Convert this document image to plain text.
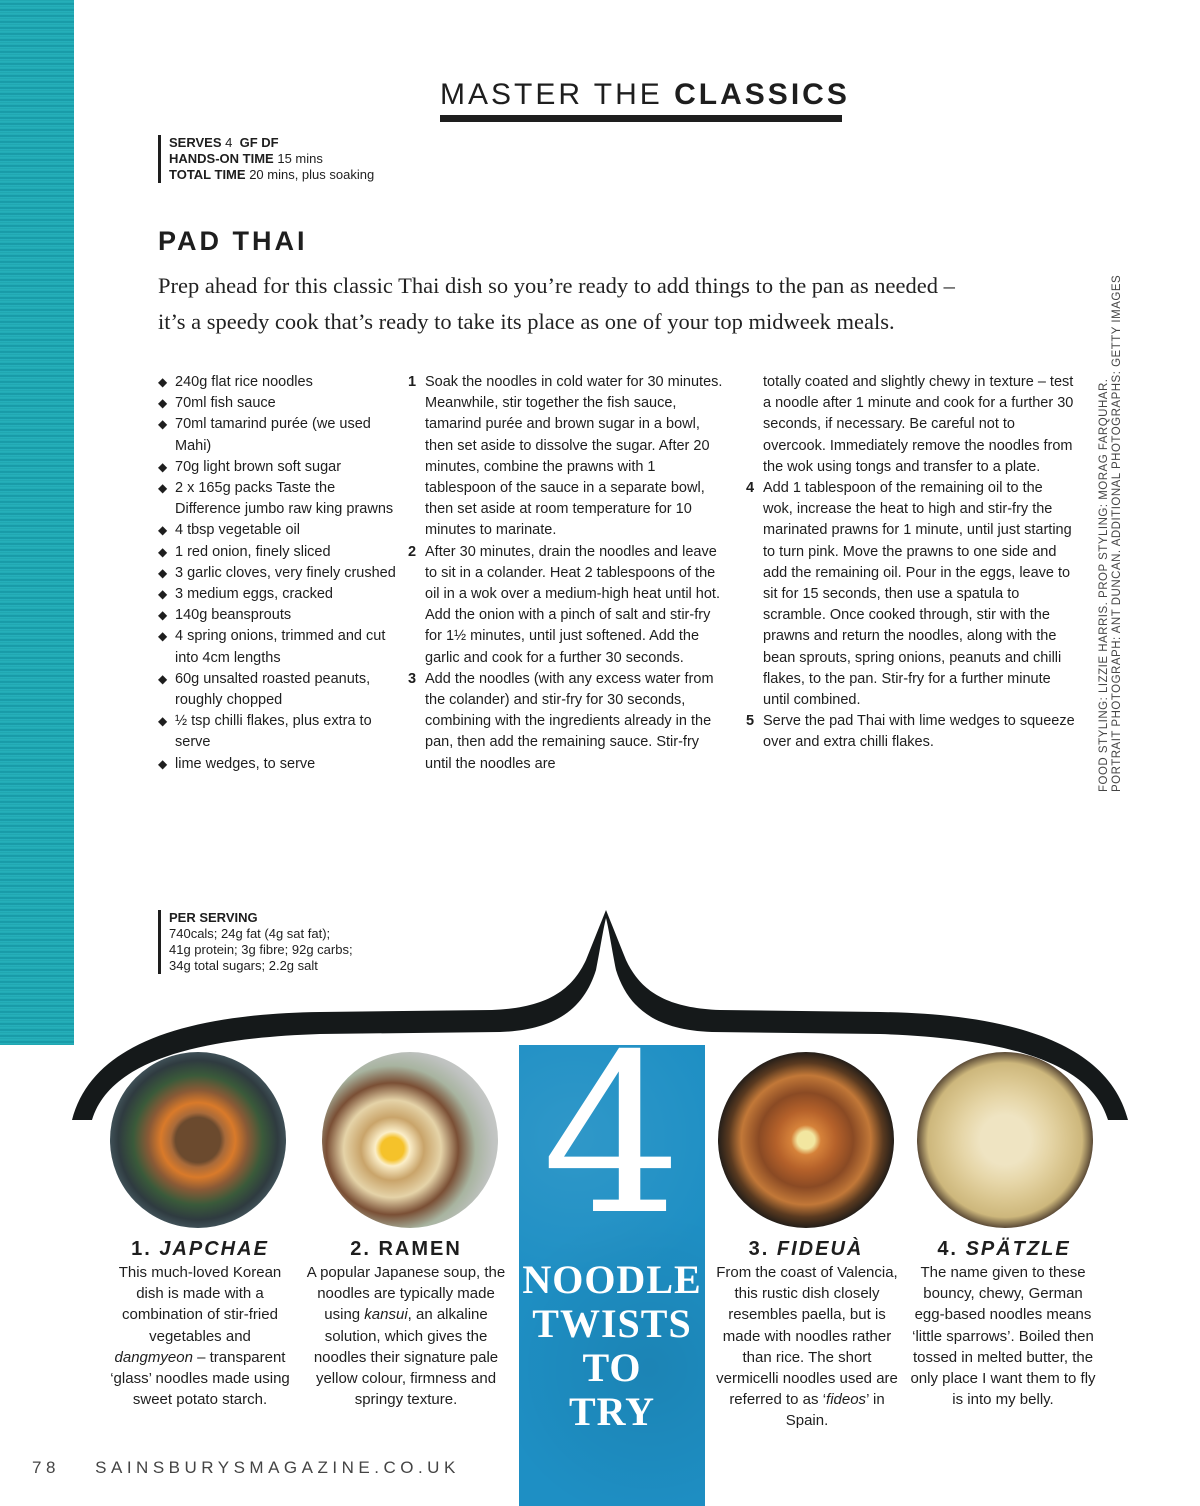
MASTER THE CLASSICS
SERVES 4 GF DF
HANDS-ON TIME 15 mins
TOTAL TIME 20 mins, plus soaking
PAD THAI
Prep ahead for this classic Thai dish so you’re ready to add things to the pan as needed –
it’s a speedy cook that’s ready to take its place as one of your top midweek meals.
◆ 240g flat rice noodles
◆ 70ml fish sauce
◆ 70ml tamarind purée (we used Mahi)
◆ 70g light brown soft sugar
◆ 2 x 165g packs Taste the Difference jumbo raw king prawns
◆ 4 tbsp vegetable oil
◆ 1 red onion, finely sliced
◆ 3 garlic cloves, very finely crushed
◆ 3 medium eggs, cracked
◆ 140g beansprouts
◆ 4 spring onions, trimmed and cut into 4cm lengths
◆ 60g unsalted roasted peanuts, roughly chopped
◆ ½ tsp chilli flakes, plus extra to serve
◆ lime wedges, to serve
1 Soak the noodles in cold water for 30 minutes. Meanwhile, stir together the fish sauce, tamarind purée and brown sugar in a bowl, then set aside to dissolve the sugar. After 20 minutes, combine the prawns with 1 tablespoon of the sauce in a separate bowl, then set aside at room temperature for 10 minutes to marinate.
2 After 30 minutes, drain the noodles and leave to sit in a colander. Heat 2 tablespoons of the oil in a wok over a medium-high heat until hot. Add the onion with a pinch of salt and stir-fry for 1½ minutes, until just softened. Add the garlic and cook for a further 30 seconds.
3 Add the noodles (with any excess water from the colander) and stir-fry for 30 seconds, combining with the ingredients already in the pan, then add the remaining sauce. Stir-fry until the noodles are
totally coated and slightly chewy in texture – test a noodle after 1 minute and cook for a further 30 seconds, if necessary. Be careful not to overcook. Immediately remove the noodles from the wok using tongs and transfer to a plate.
4 Add 1 tablespoon of the remaining oil to the wok, increase the heat to high and stir-fry the marinated prawns for 1 minute, until just starting to turn pink. Move the prawns to one side and add the remaining oil. Pour in the eggs, leave to sit for 15 seconds, then use a spatula to scramble. Once cooked through, stir with the prawns and return the noodles, along with the bean sprouts, spring onions, peanuts and chilli flakes, to the pan. Stir-fry for a further minute until combined.
5 Serve the pad Thai with lime wedges to squeeze over and extra chilli flakes.	FOOD STYLING: LIZZIE HARRIS. PROP STYLING: MORAG FARQUHAR. PORTRAIT PHOTOGRAPH: ANT DUNCAN. ADDITIONAL PHOTOGRAPHS: GETTY IMAGES
PER SERVING
740cals; 24g fat (4g sat fat);
41g protein; 3g fibre; 92g carbs;
34g total sugars; 2.2g salt
4
NOODLE
TWISTS
TO
TRY
1. JAPCHAE
This much-loved Korean dish is made with a combination of stir-fried vegetables and dangmyeon – transparent ‘glass’ noodles made using sweet potato starch.
2. RAMEN
A popular Japanese soup, the noodles are typically made using kansui, an alkaline solution, which gives the noodles their signature pale yellow colour, firmness and springy texture.
3. FIDEUÀ
From the coast of Valencia, this rustic dish closely resembles paella, but is made with noodles rather than rice. The short vermicelli noodles used are referred to as ‘fideos’ in Spain.
4. SPÄTZLE
The name given to these bouncy, chewy, German egg-based noodles means ‘little sparrows’. Boiled then tossed in melted butter, the only place I want them to fly is into my belly.
78 SAINSBURYSMAGAZINE.CO.UK
